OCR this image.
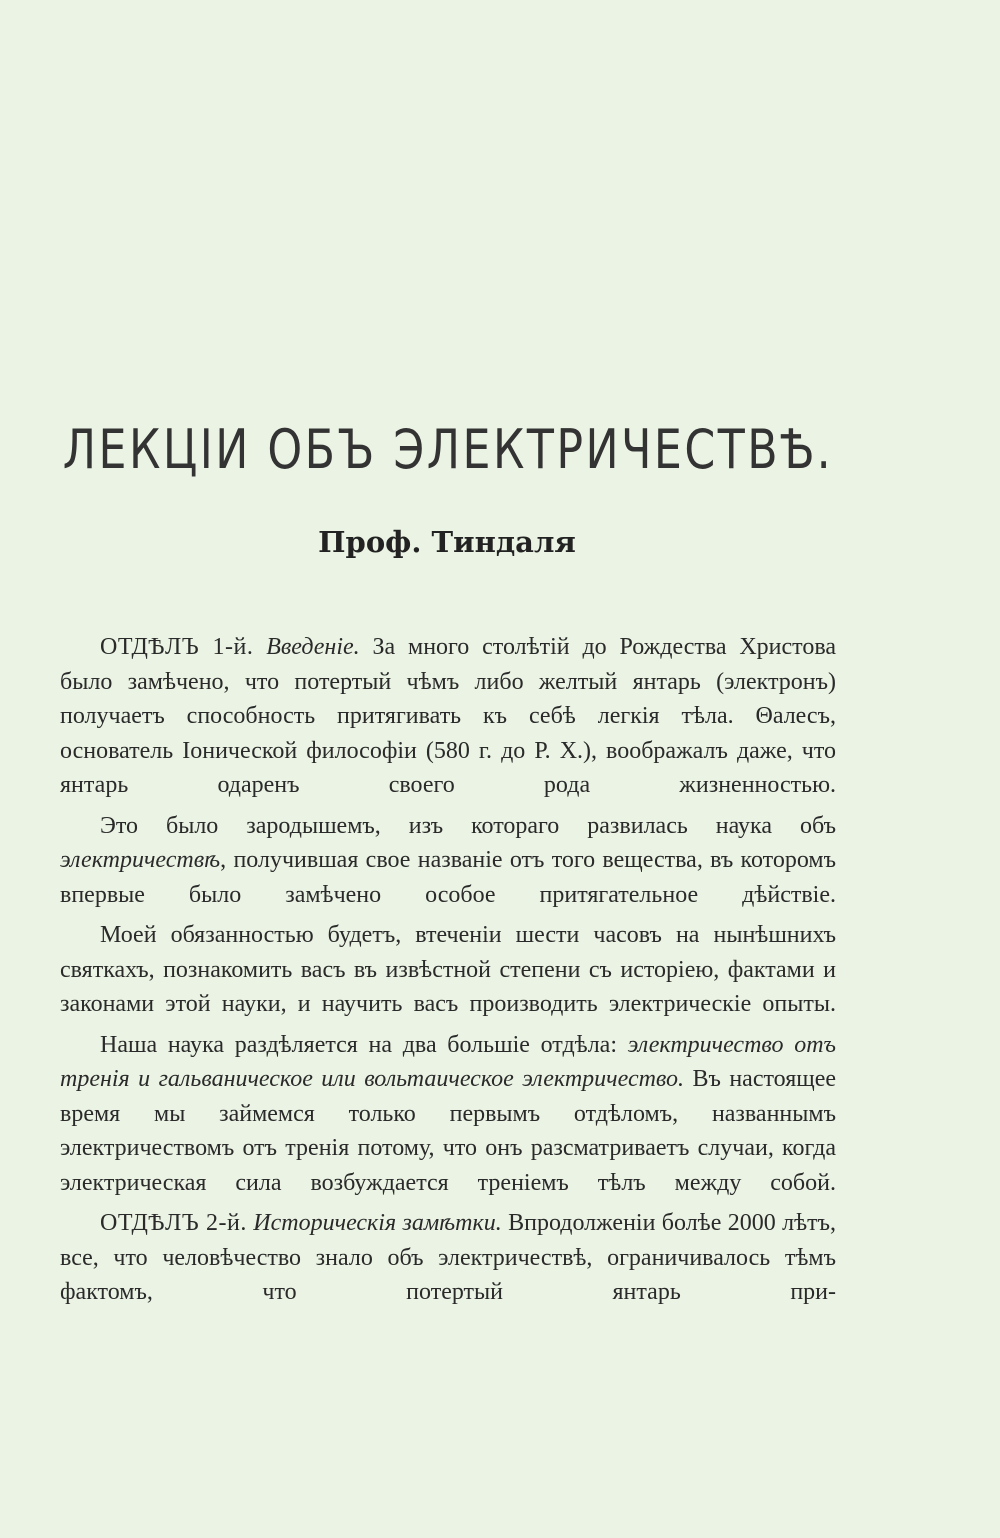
ЛЕКЦІИ ОБЪ ЭЛЕКТРИЧЕСТВѢ.
Проф. Тиндаля

ОТДѢЛЪ 1-й. Введеніе. За много столѣтій до Рождества Христова было замѣчено, что потертый чѣмъ либо желтый янтарь (электронъ) получаетъ способность притягивать къ себѣ легкія тѣла. Θалесъ, основатель Іонической философіи (580 г. до Р. Х.), воображалъ даже, что янтарь одаренъ своего рода жизненностью.

Это было зародышемъ, изъ котораго развилась наука объ электричествѣ, получившая свое названіе отъ того вещества, въ которомъ впервые было замѣчено особое притягательное дѣйствіе.

Моей обязанностью будетъ, втеченіи шести часовъ на нынѣшнихъ святкахъ, познакомить васъ въ извѣстной степени съ исторіею, фактами и законами этой науки, и научить васъ производить электрическіе опыты.

Наша наука раздѣляется на два большіе отдѣла: электричество отъ тренія и гальваническое или вольтаическое электричество. Въ настоящее время мы займемся только первымъ отдѣломъ, названнымъ электричествомъ отъ тренія потому, что онъ разсматриваетъ случаи, когда электрическая сила возбуждается треніемъ тѣлъ между собой.

ОТДѢЛЪ 2-й. Историческія замѣтки. Впродолженіи болѣе 2000 лѣтъ, все, что человѣчество знало объ электричествѣ, ограничивалось тѣмъ фактомъ, что потертый янтарь при-
